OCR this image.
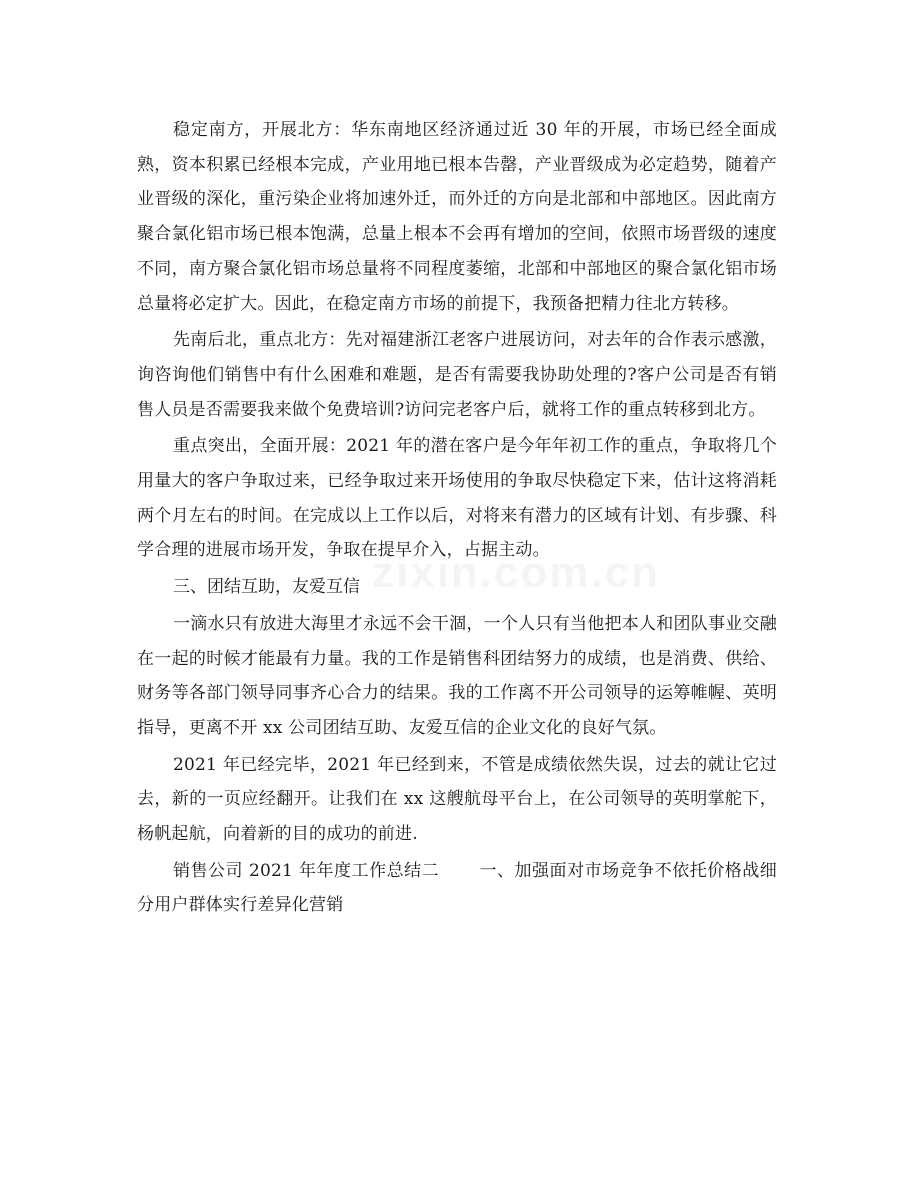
稳定南方，开展北方：华东南地区经济通过近 30 年的开展，市场已经全面成熟，资本积累已经根本完成，产业用地已根本告罄，产业晋级成为必定趋势，随着产业晋级的深化，重污染企业将加速外迁，而外迁的方向是北部和中部地区。因此南方聚合氯化铝市场已根本饱满，总量上根本不会再有增加的空间，依照市场晋级的速度不同，南方聚合氯化铝市场总量将不同程度萎缩，北部和中部地区的聚合氯化铝市场总量将必定扩大。因此，在稳定南方市场的前提下，我预备把精力往北方转移。

先南后北，重点北方：先对福建浙江老客户进展访问，对去年的合作表示感激，询咨询他们销售中有什么困难和难题，是否有需要我协助处理的?客户公司是否有销售人员是否需要我来做个免费培训?访问完老客户后，就将工作的重点转移到北方。

重点突出，全面开展：2021 年的潜在客户是今年年初工作的重点，争取将几个用量大的客户争取过来，已经争取过来开场使用的争取尽快稳定下来，估计这将消耗两个月左右的时间。在完成以上工作以后，对将来有潜力的区域有计划、有步骤、科学合理的进展市场开发，争取在提早介入，占据主动。

三、团结互助，友爱互信

一滴水只有放进大海里才永远不会干涸，一个人只有当他把本人和团队事业交融在一起的时候才能最有力量。我的工作是销售科团结努力的成绩，也是消费、供给、财务等各部门领导同事齐心合力的结果。我的工作离不开公司领导的运筹帷幄、英明指导，更离不开 xx 公司团结互助、友爱互信的企业文化的良好气氛。

2021 年已经完毕，2021 年已经到来，不管是成绩依然失误，过去的就让它过去，新的一页应经翻开。让我们在 xx 这艘航母平台上，在公司领导的英明掌舵下，杨帆起航，向着新的目的成功的前进.

销售公司 2021 年年度工作总结二 一、加强面对市场竞争不依托价格战细分用户群体实行差异化营销
